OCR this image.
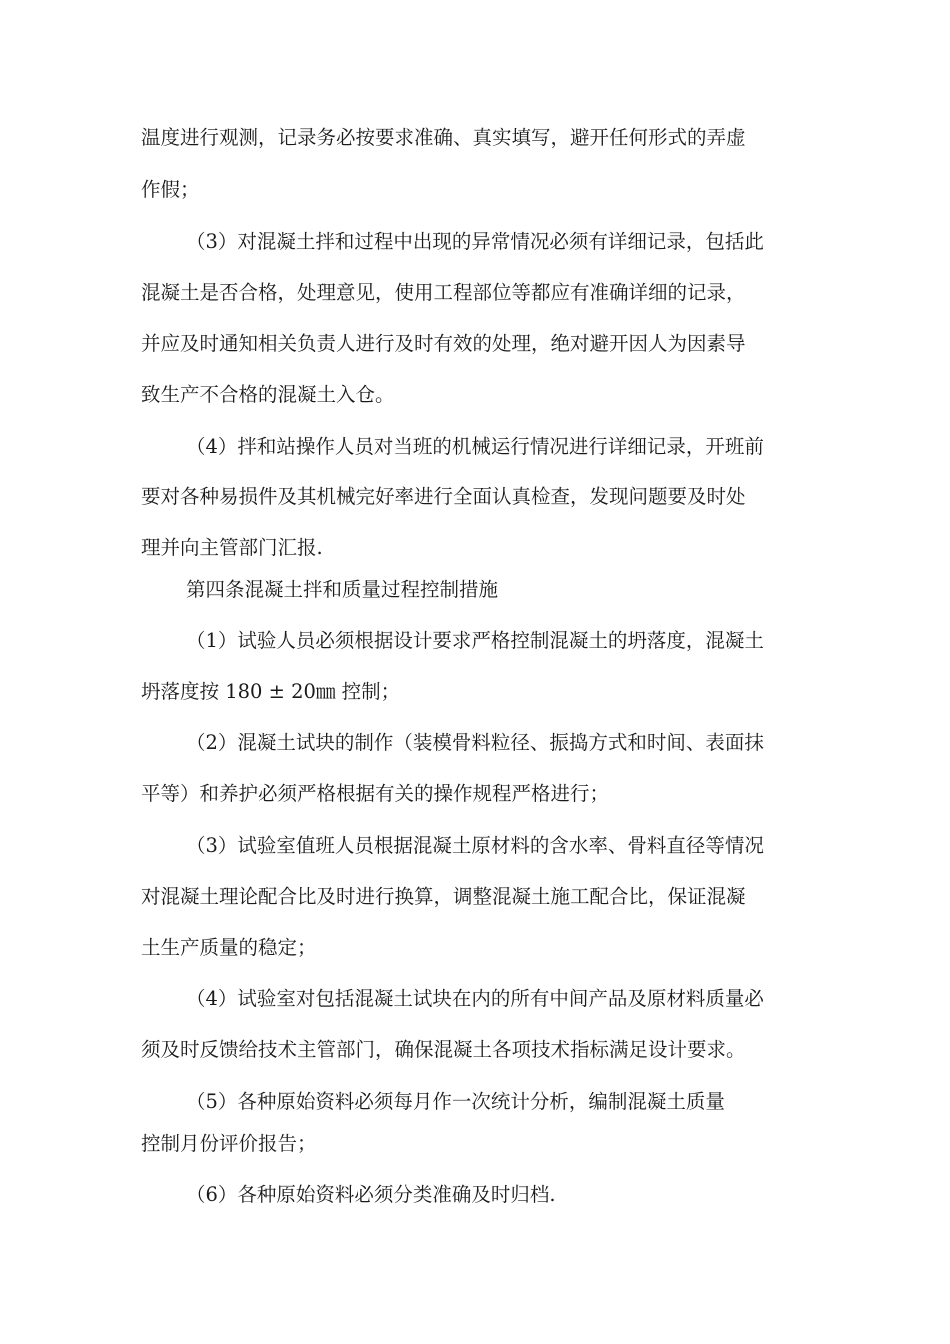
温度进行观测，记录务必按要求准确、真实填写，避开任何形式的弄虚
作假；
（3）对混凝土拌和过程中出现的异常情况必须有详细记录，包括此
混凝土是否合格，处理意见，使用工程部位等都应有准确详细的记录，
并应及时通知相关负责人进行及时有效的处理，绝对避开因人为因素导
致生产不合格的混凝土入仓。
（4）拌和站操作人员对当班的机械运行情况进行详细记录，开班前
要对各种易损件及其机械完好率进行全面认真检查，发现问题要及时处
理并向主管部门汇报.
第四条混凝土拌和质量过程控制措施
（1）试验人员必须根据设计要求严格控制混凝土的坍落度，混凝土
坍落度按 180 ± 20㎜ 控制；
（2）混凝土试块的制作（装模骨料粒径、振捣方式和时间、表面抹
平等）和养护必须严格根据有关的操作规程严格进行；
（3）试验室值班人员根据混凝土原材料的含水率、骨料直径等情况
对混凝土理论配合比及时进行换算，调整混凝土施工配合比，保证混凝
土生产质量的稳定；
（4）试验室对包括混凝土试块在内的所有中间产品及原材料质量必
须及时反馈给技术主管部门，确保混凝土各项技术指标满足设计要求。
（5）各种原始资料必须每月作一次统计分析，编制混凝土质量
控制月份评价报告；
（6）各种原始资料必须分类准确及时归档.
